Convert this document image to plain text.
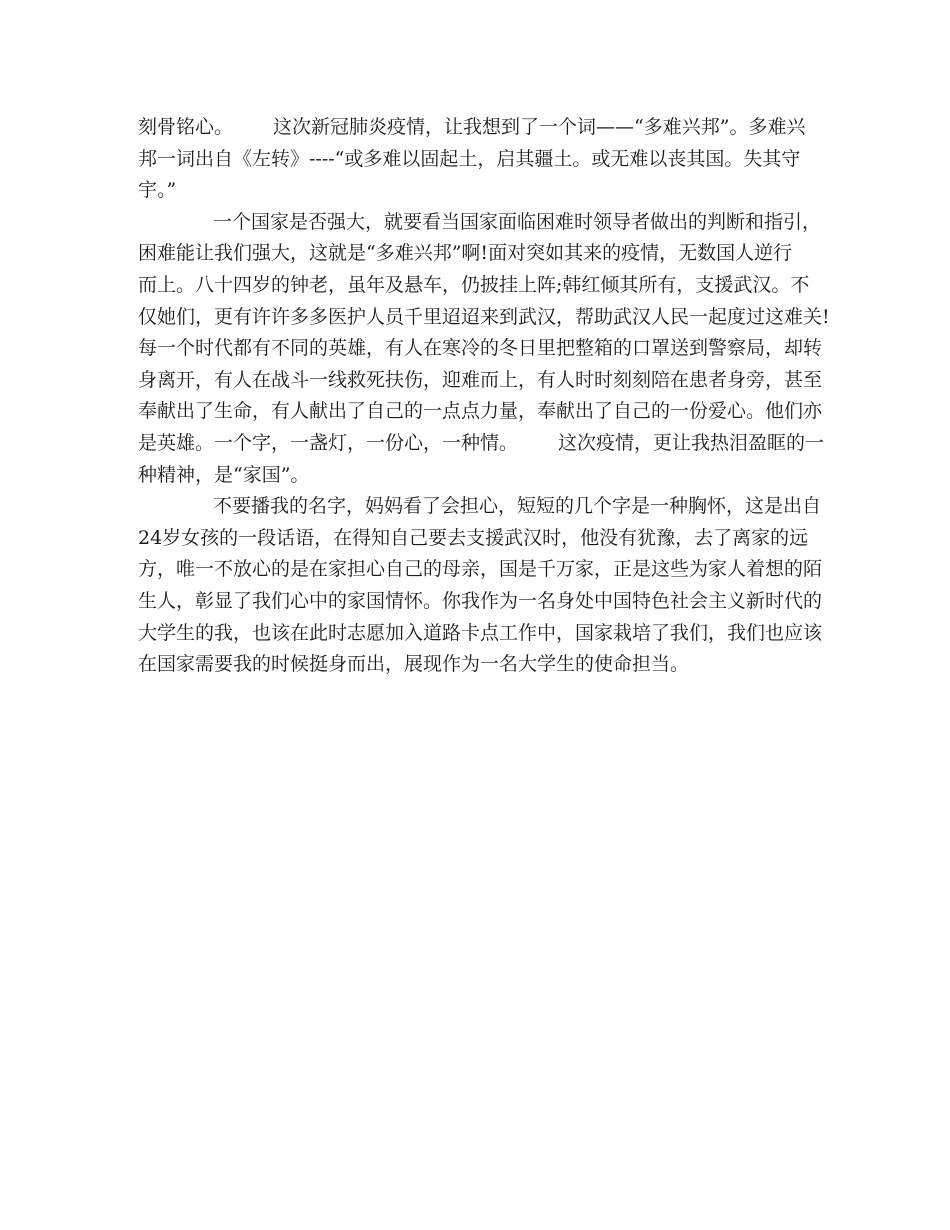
刻骨铭心。 这次新冠肺炎疫情，让我想到了一个词——“多难兴邦”。多难兴
邦一词出自《左转》----“或多难以固起土，启其疆土。或无难以丧其国。失其守
宇。”
一个国家是否强大，就要看当国家面临困难时领导者做出的判断和指引，
困难能让我们强大，这就是“多难兴邦”啊!面对突如其来的疫情，无数国人逆行
而上。八十四岁的钟老，虽年及悬车，仍披挂上阵;韩红倾其所有，支援武汉。不
仅她们，更有许许多多医护人员千里迢迢来到武汉，帮助武汉人民一起度过这难关!
每一个时代都有不同的英雄，有人在寒冷的冬日里把整箱的口罩送到警察局，却转
身离开，有人在战斗一线救死扶伤，迎难而上，有人时时刻刻陪在患者身旁，甚至
奉献出了生命，有人献出了自己的一点点力量，奉献出了自己的一份爱心。他们亦
是英雄。一个字，一盏灯，一份心，一种情。 这次疫情，更让我热泪盈眶的一
种精神，是“家国”。
不要播我的名字，妈妈看了会担心，短短的几个字是一种胸怀，这是出自
24岁女孩的一段话语，在得知自己要去支援武汉时，他没有犹豫，去了离家的远
方，唯一不放心的是在家担心自己的母亲，国是千万家，正是这些为家人着想的陌
生人，彰显了我们心中的家国情怀。你我作为一名身处中国特色社会主义新时代的
大学生的我，也该在此时志愿加入道路卡点工作中，国家栽培了我们，我们也应该
在国家需要我的时候挺身而出，展现作为一名大学生的使命担当。
